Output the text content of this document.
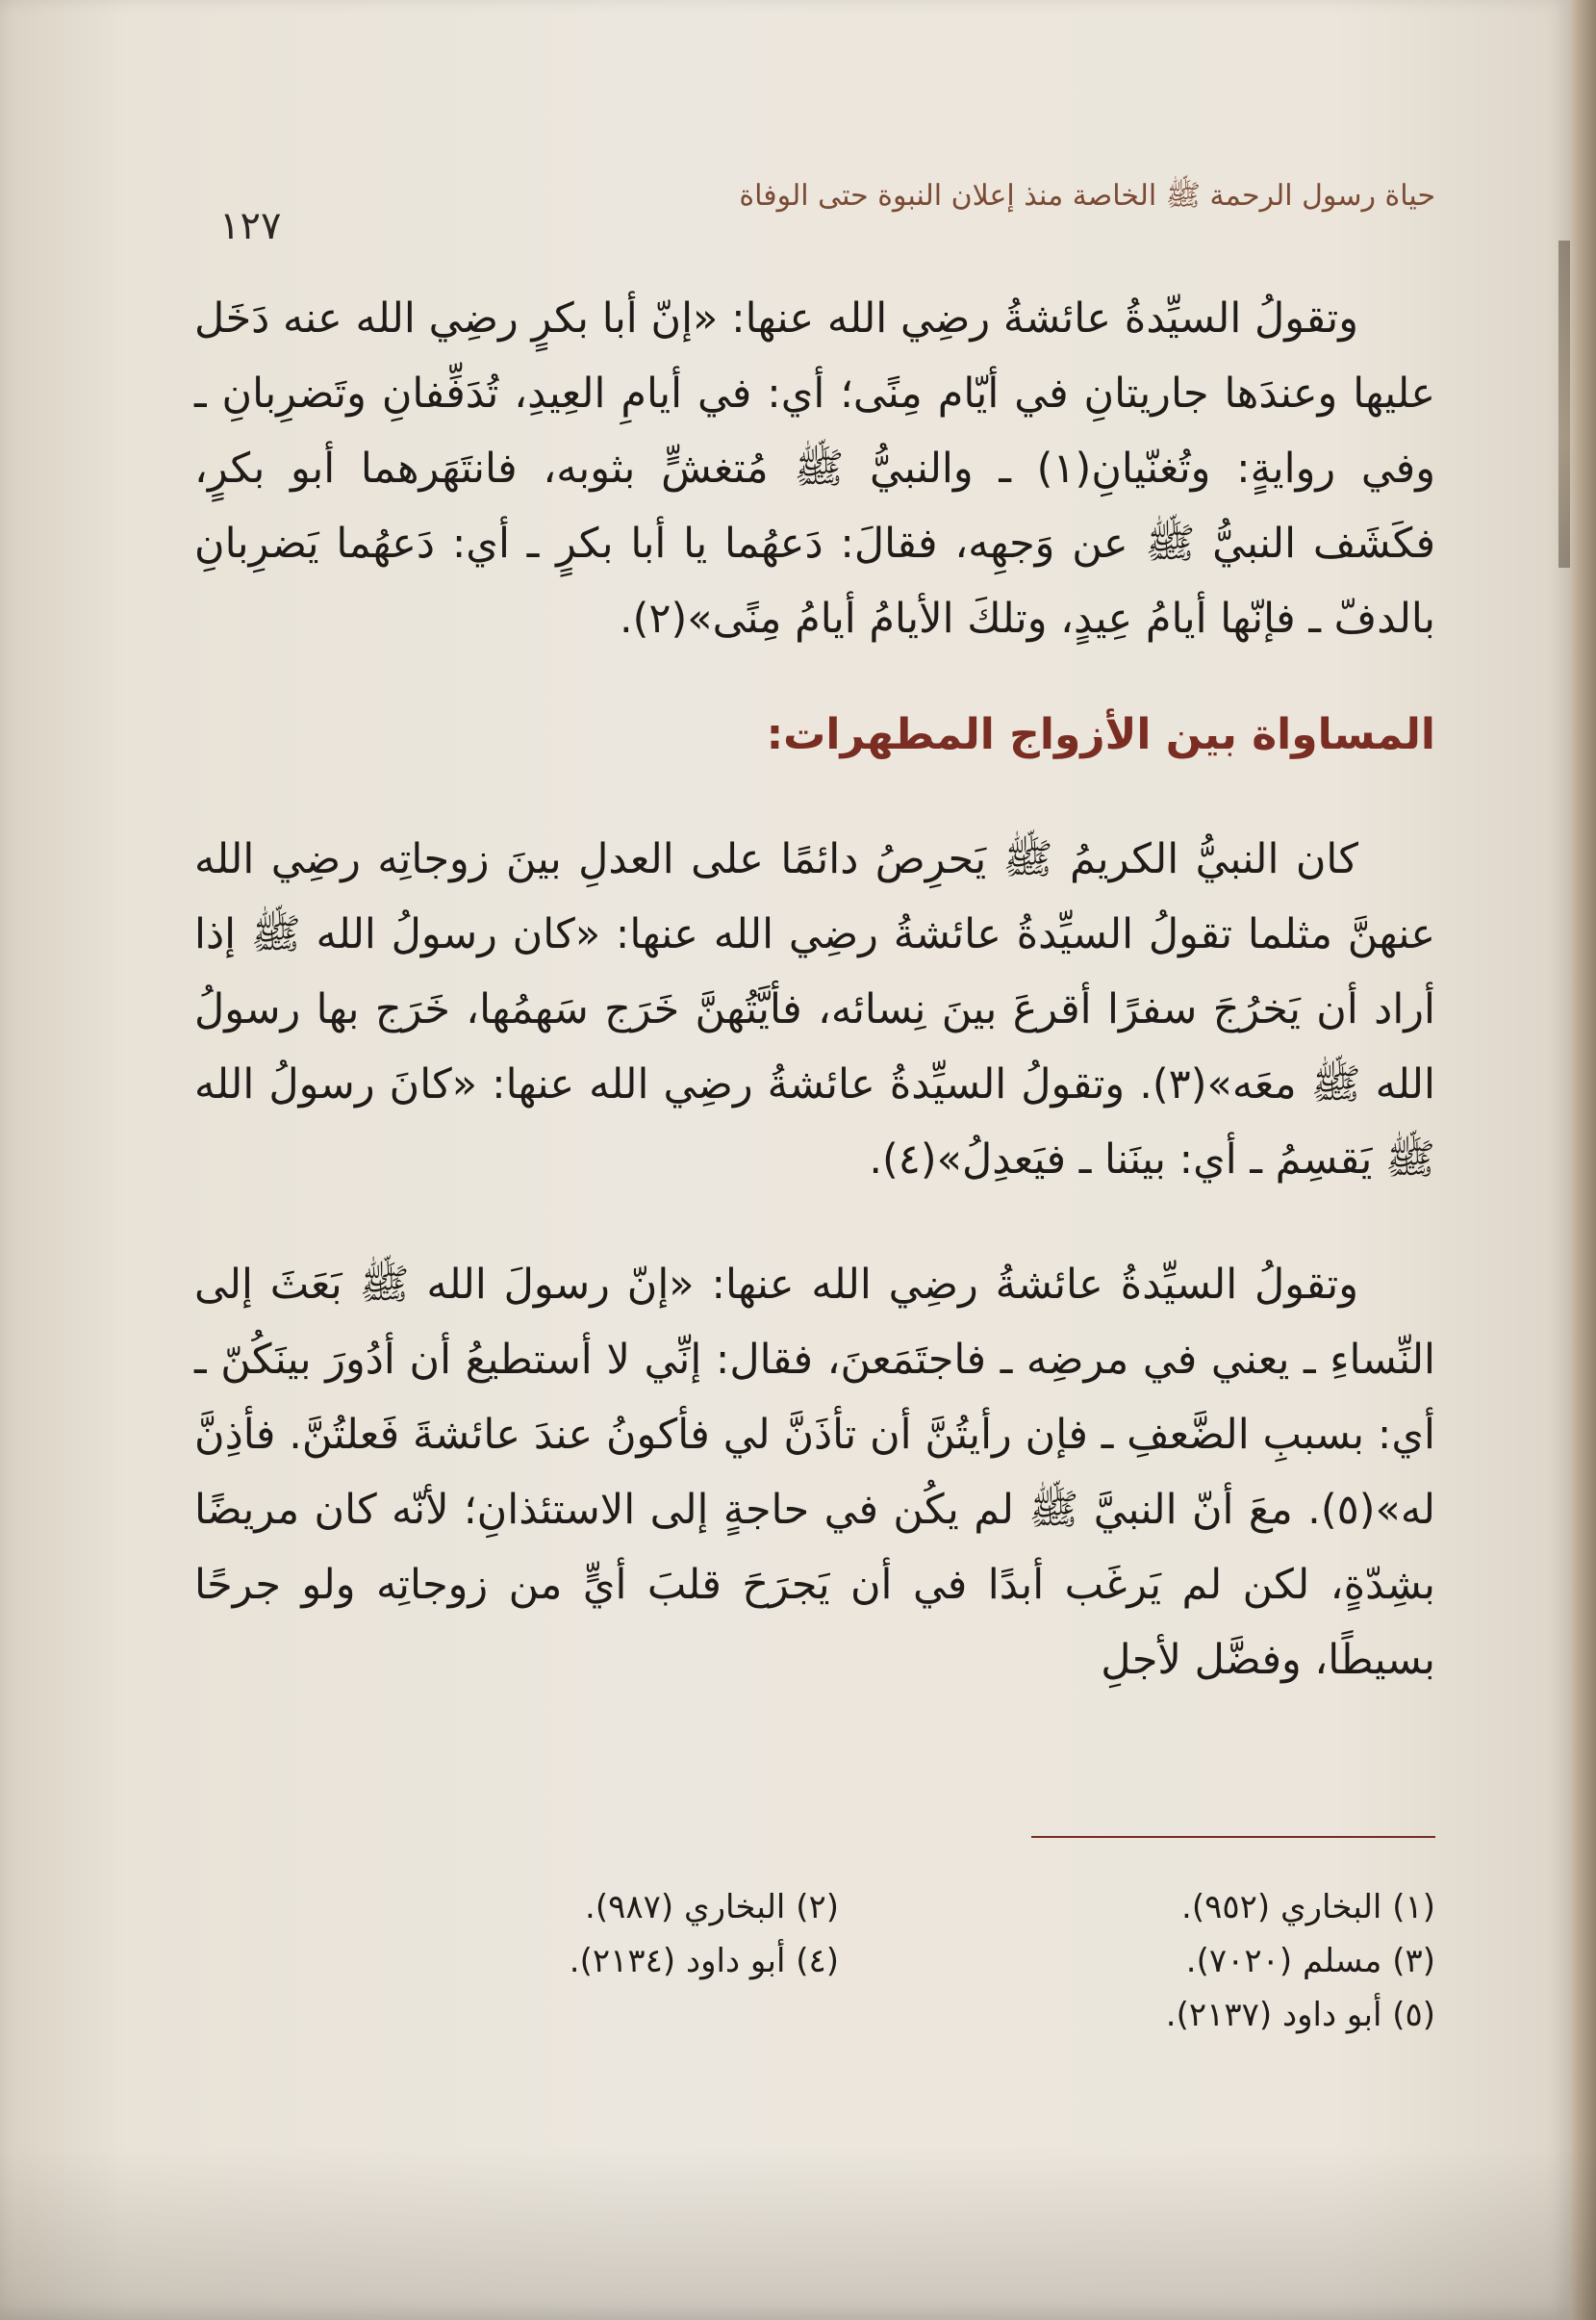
حياة رسول الرحمة ﷺ الخاصة منذ إعلان النبوة حتى الوفاة
١٢٧

وتقولُ السيِّدةُ عائشةُ رضِي الله عنها: «إنّ أبا بكرٍ رضِي الله عنه دَخَل عليها وعندَها جاريتانِ في أيّام مِنًى؛ أي: في أيامِ العِيدِ، تُدَفِّفانِ وتَضرِبانِ ـ وفي روايةٍ: وتُغنّيانِ(١) ـ والنبيُّ ﷺ مُتغشٍّ بثوبه، فانتَهَرهما أبو بكرٍ، فكَشَف النبيُّ ﷺ عن وَجهِه، فقالَ: دَعهُما يا أبا بكرٍ ـ أي: دَعهُما يَضرِبانِ بالدفّ ـ فإنّها أيامُ عِيدٍ، وتلكَ الأيامُ أيامُ مِنًى»(٢).

المساواة بين الأزواج المطهرات:

كان النبيُّ الكريمُ ﷺ يَحرِصُ دائمًا على العدلِ بينَ زوجاتِه رضِي الله عنهنَّ مثلما تقولُ السيِّدةُ عائشةُ رضِي الله عنها: «كان رسولُ الله ﷺ إذا أراد أن يَخرُجَ سفرًا أقرعَ بينَ نِسائه، فأيَّتُهنَّ خَرَج سَهمُها، خَرَج بها رسولُ الله ﷺ معَه»(٣). وتقولُ السيِّدةُ عائشةُ رضِي الله عنها: «كانَ رسولُ الله ﷺ يَقسِمُ ـ أي: بينَنا ـ فيَعدِلُ»(٤).

وتقولُ السيِّدةُ عائشةُ رضِي الله عنها: «إنّ رسولَ الله ﷺ بَعَثَ إلى النِّساءِ ـ يعني في مرضِه ـ فاجتَمَعنَ، فقال: إنِّي لا أستطيعُ أن أدُورَ بينَكُنّ ـ أي: بسببِ الضَّعفِ ـ فإن رأيتُنَّ أن تأذَنَّ لي فأكونُ عندَ عائشةَ فَعلتُنَّ. فأذِنَّ له»(٥). معَ أنّ النبيَّ ﷺ لم يكُن في حاجةٍ إلى الاستئذانِ؛ لأنّه كان مريضًا بشِدّةٍ، لكن لم يَرغَب أبدًا في أن يَجرَحَ قلبَ أيٍّ من زوجاتِه ولو جرحًا بسيطًا، وفضَّل لأجلِ

(١) البخاري (٩٥٢).
(٢) البخاري (٩٨٧).
(٣) مسلم (٧٠٢٠).
(٤) أبو داود (٢١٣٤).
(٥) أبو داود (٢١٣٧).
